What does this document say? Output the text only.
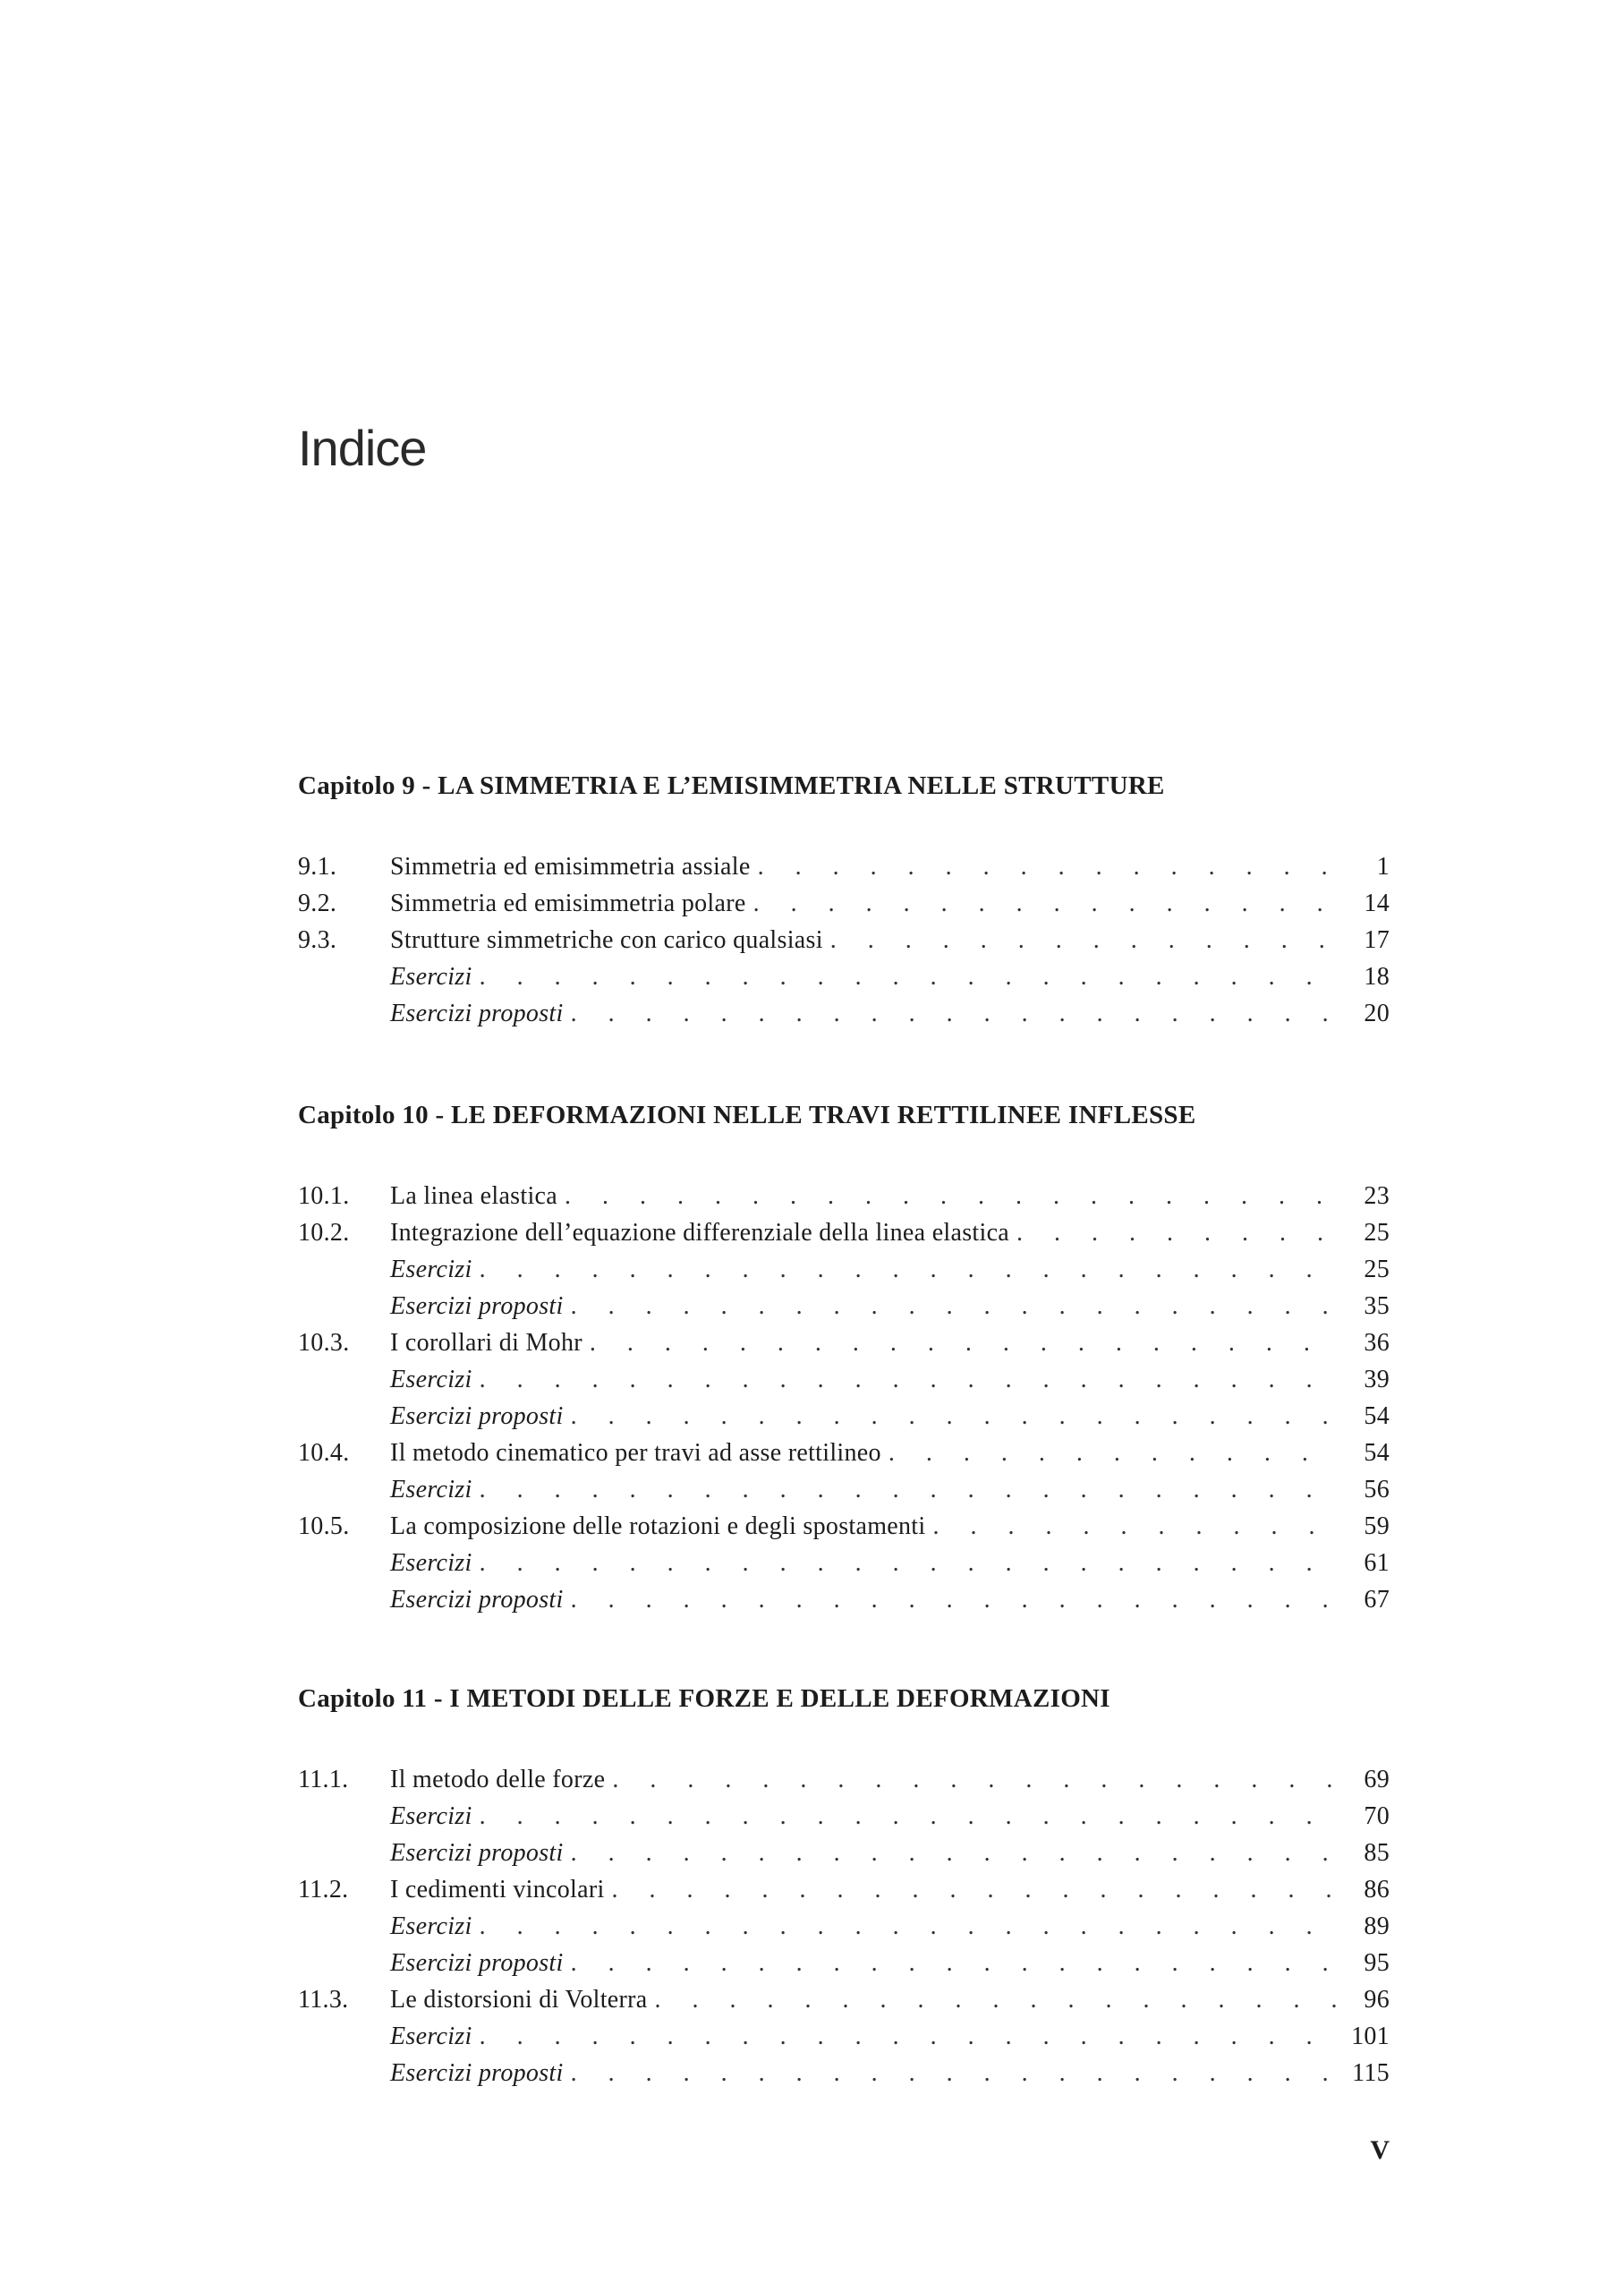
Indice
Capitolo 9 - LA SIMMETRIA E L’EMISIMMETRIA NELLE STRUTTURE
9.1.	Simmetria ed emisimmetria assiale . . .	1
9.2.	Simmetria ed emisimmetria polare . . .	14
9.3.	Strutture simmetriche con carico qualsiasi . . .	17
Esercizi . . .	18
Esercizi proposti . . .	20
Capitolo 10 - LE DEFORMAZIONI NELLE TRAVI RETTILINEE INFLESSE
10.1.	La linea elastica . . .	23
10.2.	Integrazione dell’equazione differenziale della linea elastica . . .	25
Esercizi . . .	25
Esercizi proposti . . .	35
10.3.	I corollari di Mohr . . .	36
Esercizi . . .	39
Esercizi proposti . . .	54
10.4.	Il metodo cinematico per travi ad asse rettilineo . . .	54
Esercizi . . .	56
10.5.	La composizione delle rotazioni e degli spostamenti . . .	59
Esercizi . . .	61
Esercizi proposti . . .	67
Capitolo 11 - I METODI DELLE FORZE E DELLE DEFORMAZIONI
11.1.	Il metodo delle forze . . .	69
Esercizi . . .	70
Esercizi proposti . . .	85
11.2.	I cedimenti vincolari . . .	86
Esercizi . . .	89
Esercizi proposti . . .	95
11.3.	Le distorsioni di Volterra . . .	96
Esercizi . . .	101
Esercizi proposti . . .	115
V
